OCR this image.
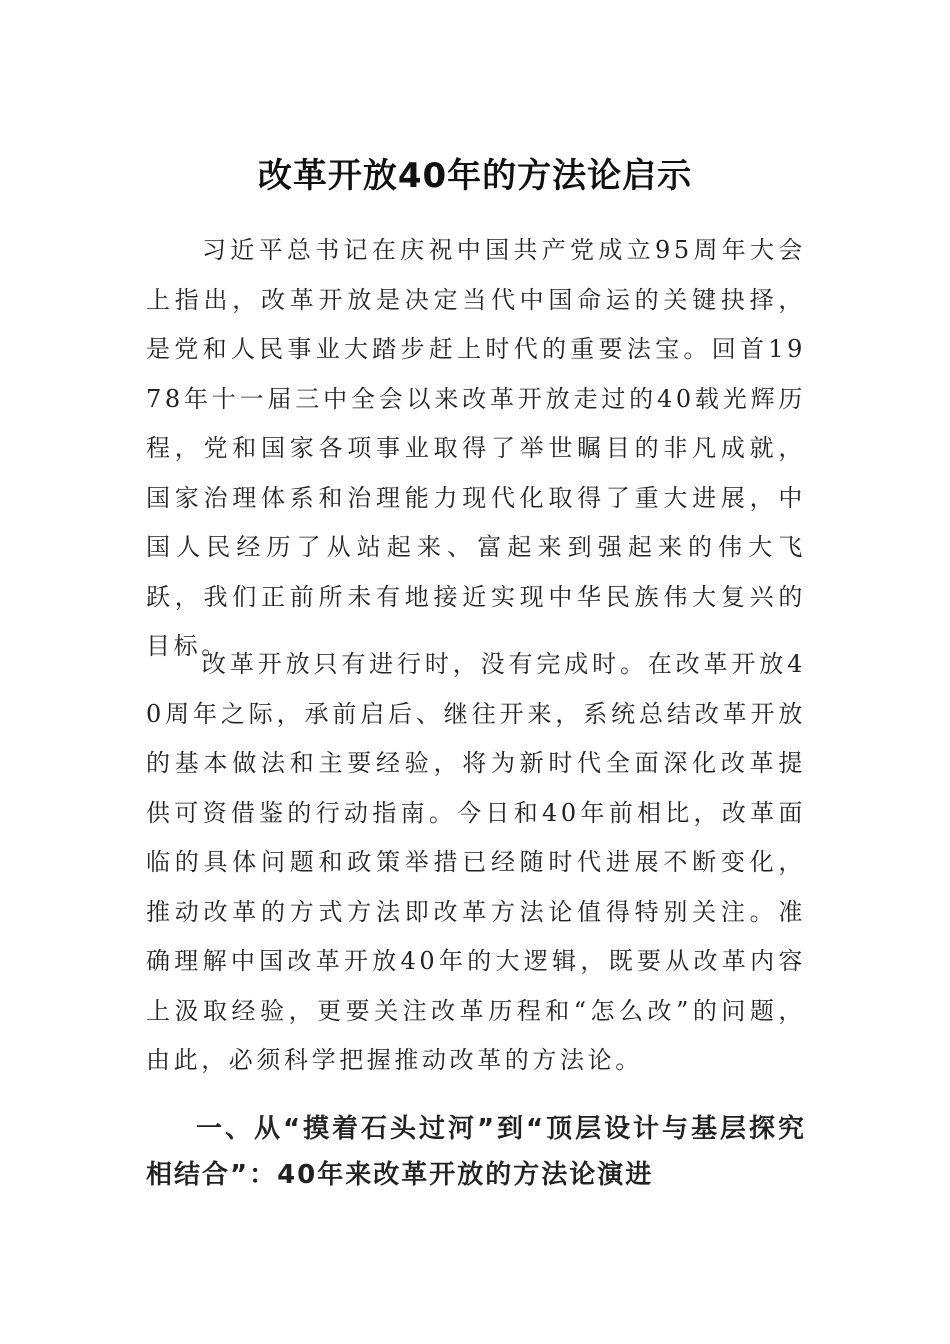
改革开放40年的方法论启示

习近平总书记在庆祝中国共产党成立95周年大会上指出，改革开放是决定当代中国命运的关键抉择，是党和人民事业大踏步赶上时代的重要法宝。回首1978年十一届三中全会以来改革开放走过的40载光辉历程，党和国家各项事业取得了举世瞩目的非凡成就，国家治理体系和治理能力现代化取得了重大进展，中国人民经历了从站起来、富起来到强起来的伟大飞跃，我们正前所未有地接近实现中华民族伟大复兴的目标。

改革开放只有进行时，没有完成时。在改革开放40周年之际，承前启后、继往开来，系统总结改革开放的基本做法和主要经验，将为新时代全面深化改革提供可资借鉴的行动指南。今日和40年前相比，改革面临的具体问题和政策举措已经随时代进展不断变化，推动改革的方式方法即改革方法论值得特别关注。准确理解中国改革开放40年的大逻辑，既要从改革内容上汲取经验，更要关注改革历程和“怎么改”的问题，由此，必须科学把握推动改革的方法论。

一、从“摸着石头过河”到“顶层设计与基层探究相结合”：40年来改革开放的方法论演进
